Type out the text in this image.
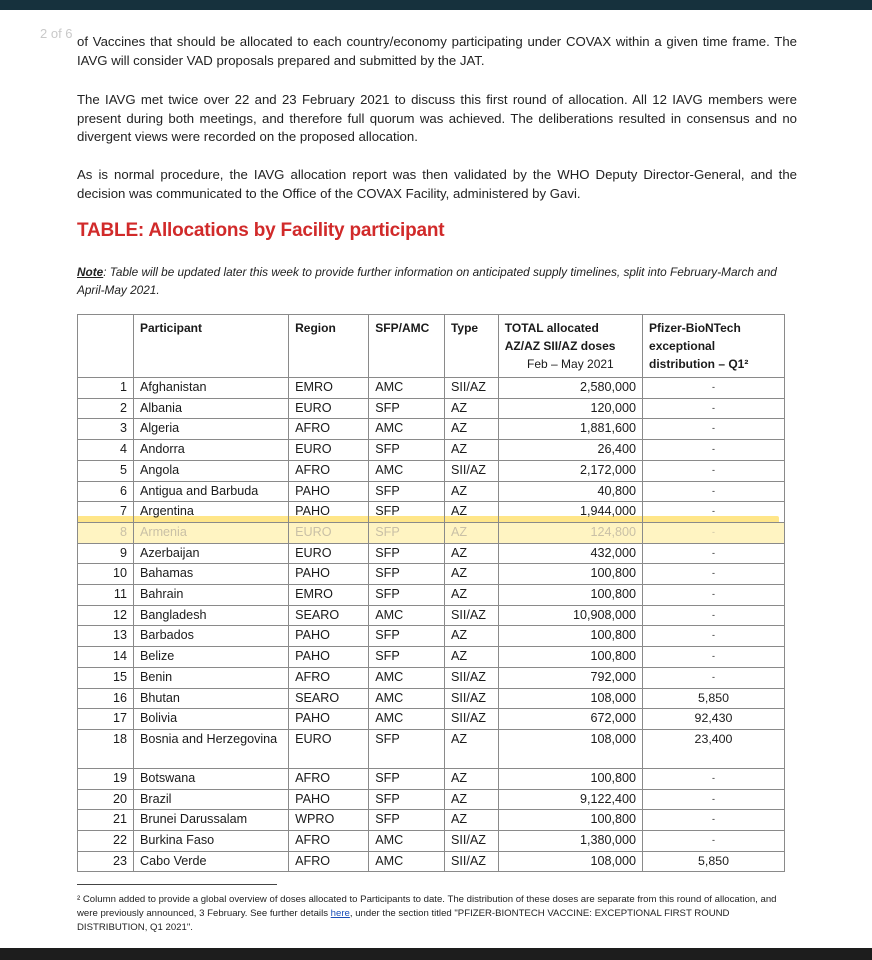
2 of 6
of Vaccines that should be allocated to each country/economy participating under COVAX within a given time frame. The IAVG will consider VAD proposals prepared and submitted by the JAT.
The IAVG met twice over 22 and 23 February 2021 to discuss this first round of allocation. All 12 IAVG members were present during both meetings, and therefore full quorum was achieved. The deliberations resulted in consensus and no divergent views were recorded on the proposed allocation.
As is normal procedure, the IAVG allocation report was then validated by the WHO Deputy Director-General, and the decision was communicated to the Office of the COVAX Facility, administered by Gavi.
TABLE: Allocations by Facility participant
Note: Table will be updated later this week to provide further information on anticipated supply timelines, split into February-March and April-May 2021.
	Participant	Region	SFP/AMC	Type	TOTAL allocated
AZ/AZ SII/AZ doses
Feb – May 2021	Pfizer-BioNTech
exceptional
distribution – Q1²

1	Afghanistan	EMRO	AMC	SII/AZ	2,580,000	-
2	Albania	EURO	SFP	AZ	120,000	-
3	Algeria	AFRO	AMC	AZ	1,881,600	-
4	Andorra	EURO	SFP	AZ	26,400	-
5	Angola	AFRO	AMC	SII/AZ	2,172,000	-
6	Antigua and Barbuda	PAHO	SFP	AZ	40,800	-
7	Argentina	PAHO	SFP	AZ	1,944,000	-
8	Armenia	EURO	SFP	AZ	124,800	-
9	Azerbaijan	EURO	SFP	AZ	432,000	-
10	Bahamas	PAHO	SFP	AZ	100,800	-
11	Bahrain	EMRO	SFP	AZ	100,800	-
12	Bangladesh	SEARO	AMC	SII/AZ	10,908,000	-
13	Barbados	PAHO	SFP	AZ	100,800	-
14	Belize	PAHO	SFP	AZ	100,800	-
15	Benin	AFRO	AMC	SII/AZ	792,000	-
16	Bhutan	SEARO	AMC	SII/AZ	108,000	5,850
17	Bolivia	PAHO	AMC	SII/AZ	672,000	92,430
18	Bosnia and Herzegovina	EURO	SFP	AZ	108,000	23,400
19	Botswana	AFRO	SFP	AZ	100,800	-
20	Brazil	PAHO	SFP	AZ	9,122,400	-
21	Brunei Darussalam	WPRO	SFP	AZ	100,800	-
22	Burkina Faso	AFRO	AMC	SII/AZ	1,380,000	-
23	Cabo Verde	AFRO	AMC	SII/AZ	108,000	5,850
² Column added to provide a global overview of doses allocated to Participants to date. The distribution of these doses are separate from this round of allocation, and were previously announced, 3 February. See further details here, under the section titled "PFIZER-BIONTECH VACCINE: EXCEPTIONAL FIRST ROUND DISTRIBUTION, Q1 2021".
